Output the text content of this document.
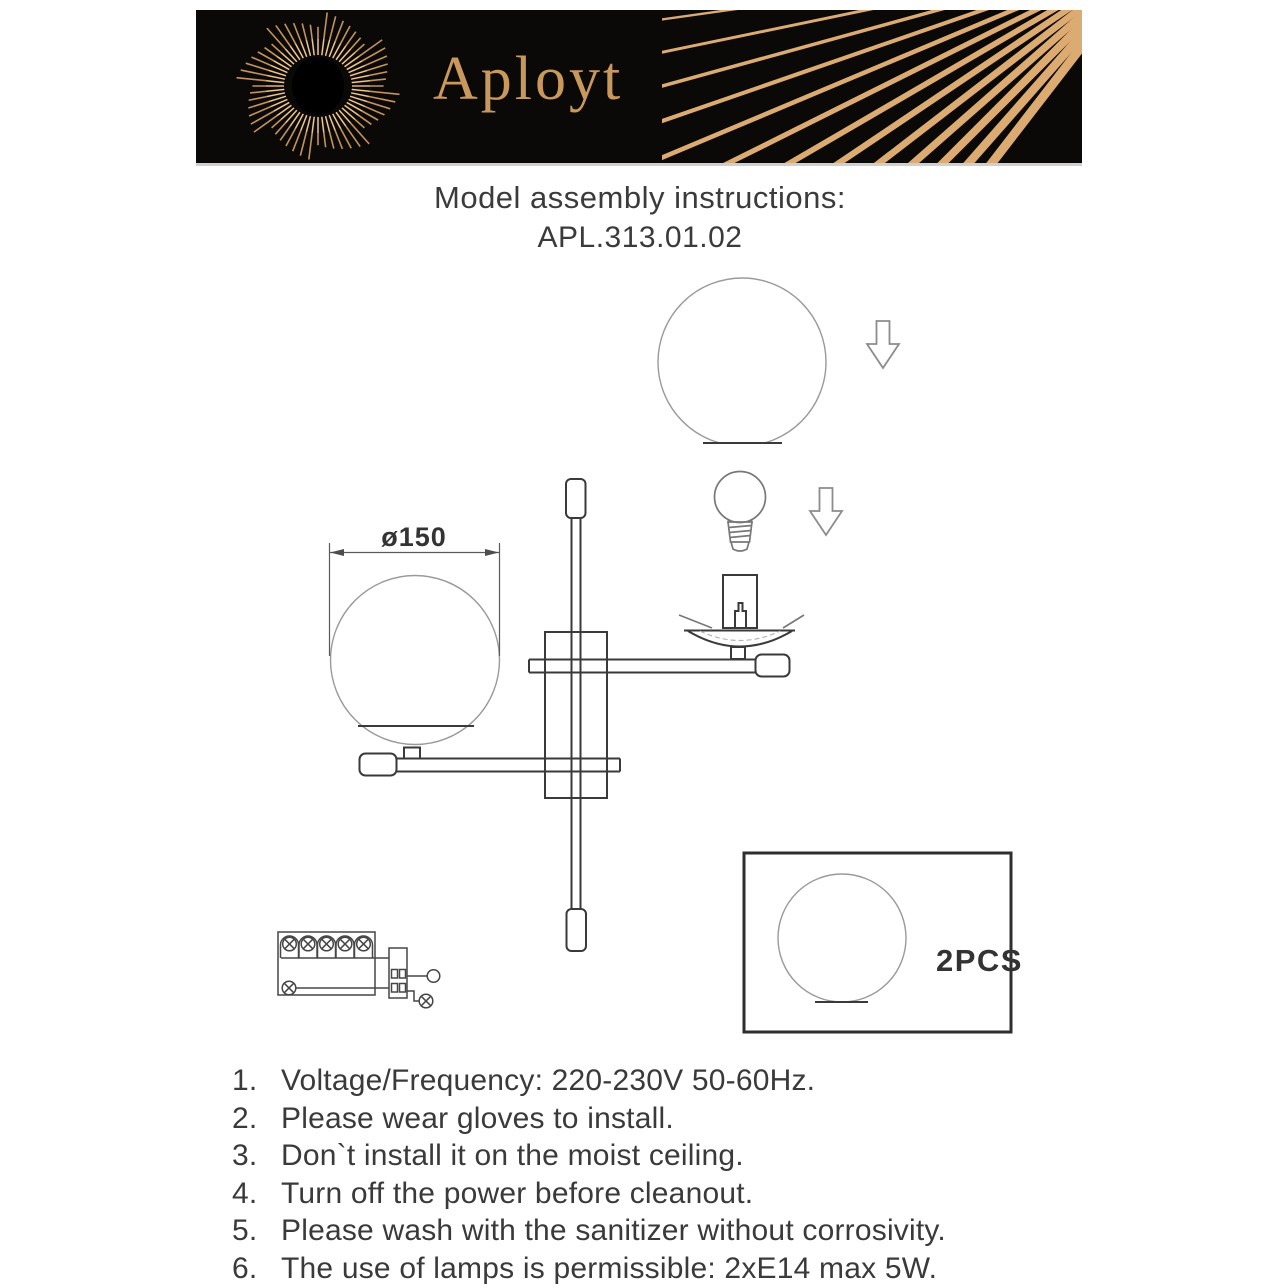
Aployt
Model assembly instructions:
APL.313.01.02
ø150
2PCS
1. Voltage/Frequency: 220-230V 50-60Hz.
2. Please wear gloves to install.
3. Don`t install it on the moist ceiling.
4. Turn off the power before cleanout.
5. Please wash with the sanitizer without corrosivity.
6. The use of lamps is permissible: 2xE14 max 5W.
